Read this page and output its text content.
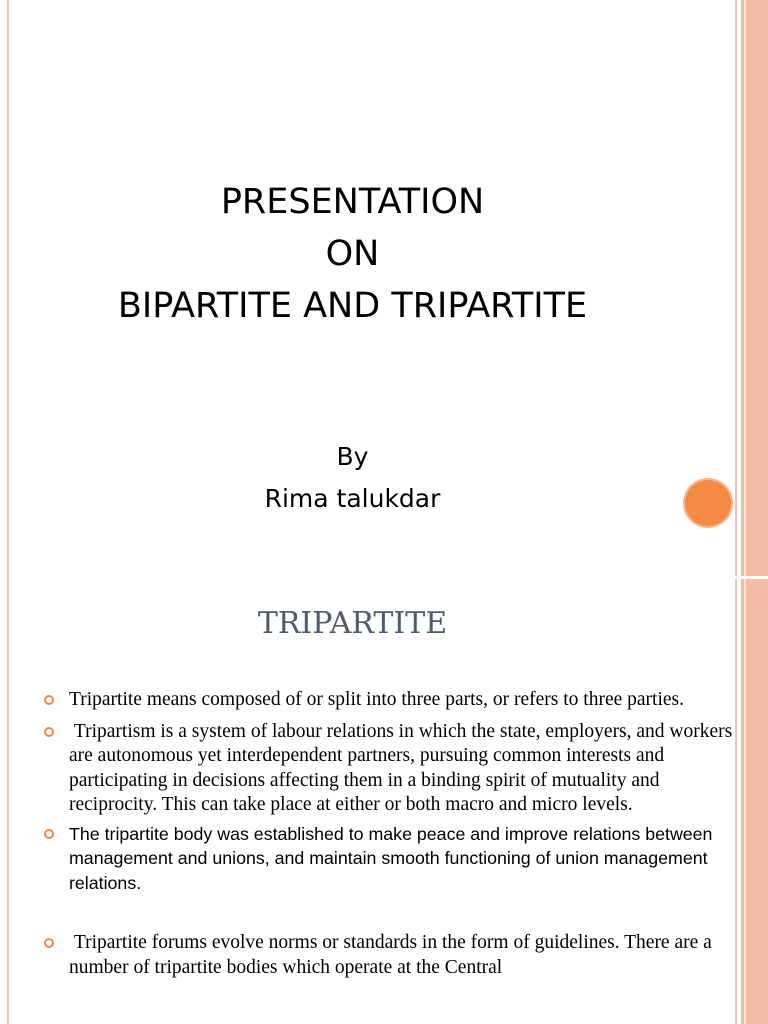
PRESENTATION
ON
BIPARTITE AND TRIPARTITE
By
Rima talukdar
TRIPARTITE
Tripartite means composed of or split into three parts, or refers to three parties.
Tripartism is a system of labour relations in which the state, employers, and workers are autonomous yet interdependent partners, pursuing common interests and participating in decisions affecting them in a binding spirit of mutuality and reciprocity. This can take place at either or both macro and micro levels.
The tripartite body was established to make peace and improve relations between management and unions, and maintain smooth functioning of union management relations.
Tripartite forums evolve norms or standards in the form of guidelines. There are a number of tripartite bodies which operate at the Central
